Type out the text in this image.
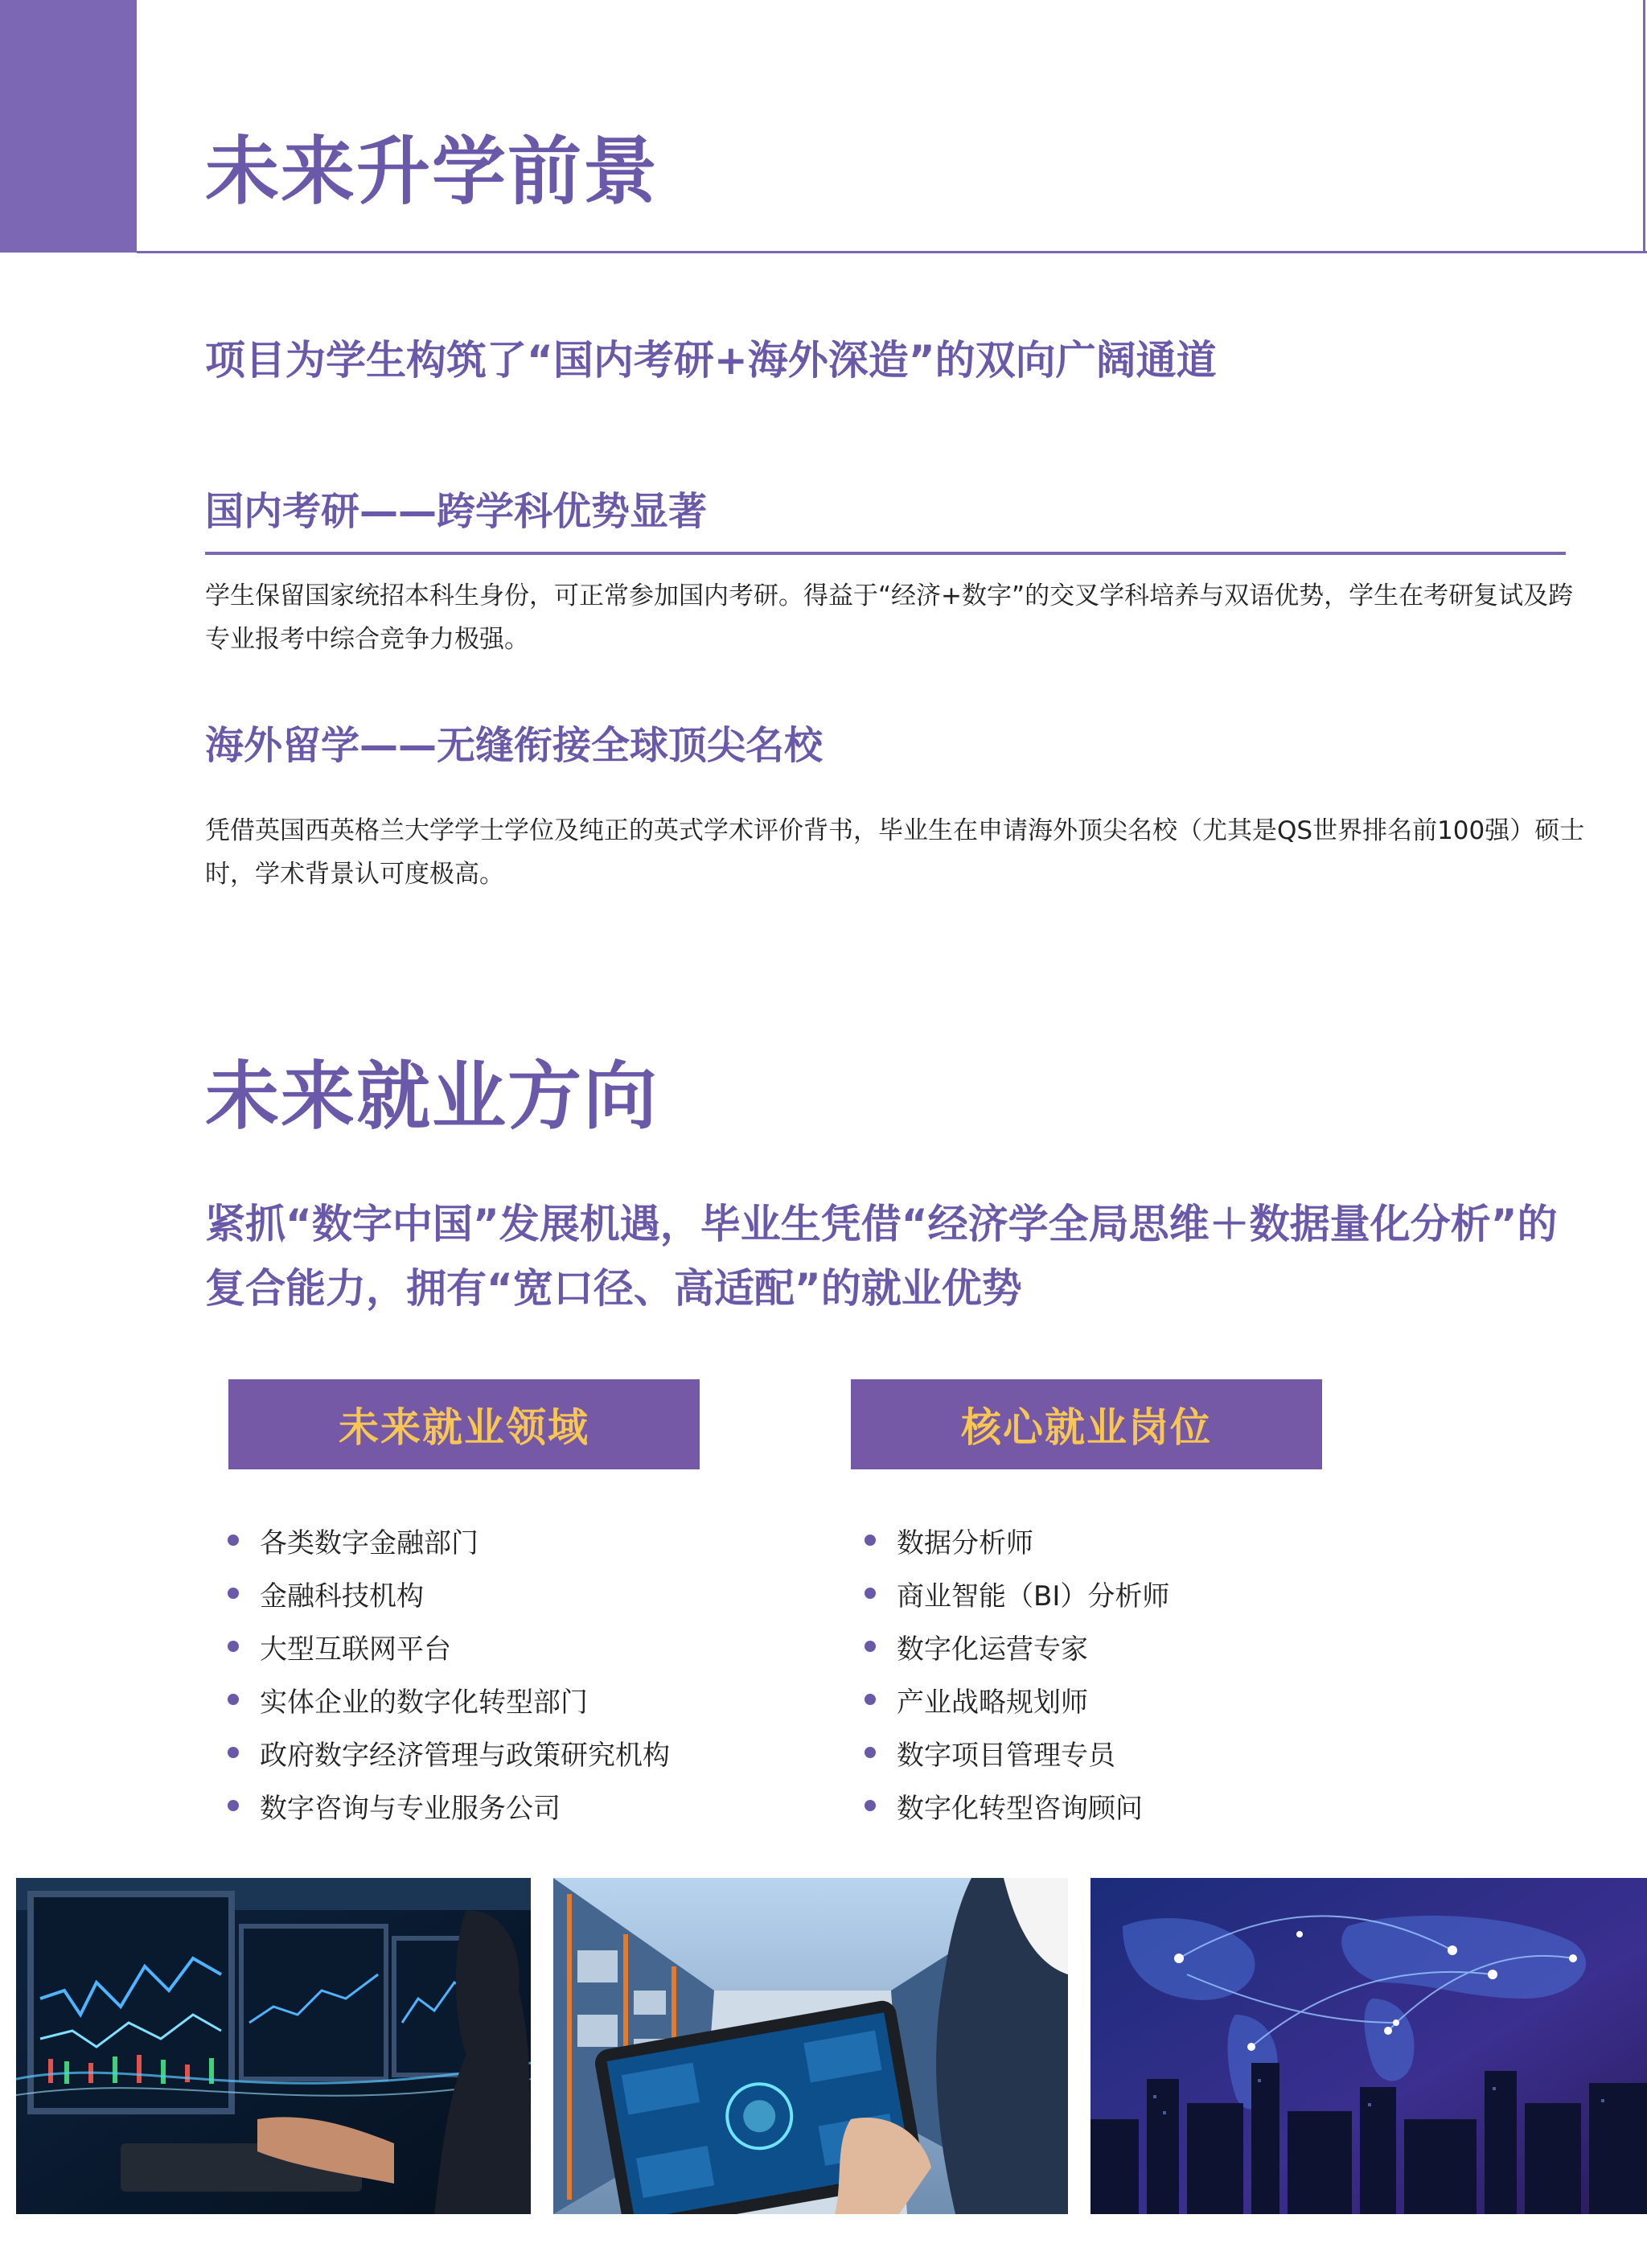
未来升学前景

项目为学生构筑了“国内考研+海外深造”的双向广阔通道

国内考研——跨学科优势显著

学生保留国家统招本科生身份，可正常参加国内考研。得益于“经济+数字”的交叉学科培养与双语优势，学生在考研复试及跨专业报考中综合竞争力极强。

海外留学——无缝衔接全球顶尖名校

凭借英国西英格兰大学学士学位及纯正的英式学术评价背书，毕业生在申请海外顶尖名校（尤其是QS世界排名前100强）硕士时，学术背景认可度极高。

未来就业方向

紧抓“数字中国”发展机遇，毕业生凭借“经济学全局思维＋数据量化分析”的复合能力，拥有“宽口径、高适配”的就业优势

未来就业领域	核心就业岗位
各类数字金融部门
金融科技机构
大型互联网平台
实体企业的数字化转型部门
政府数字经济管理与政策研究机构
数字咨询与专业服务公司
数据分析师
商业智能（BI）分析师
数字化运营专家
产业战略规划师
数字项目管理专员
数字化转型咨询顾问
